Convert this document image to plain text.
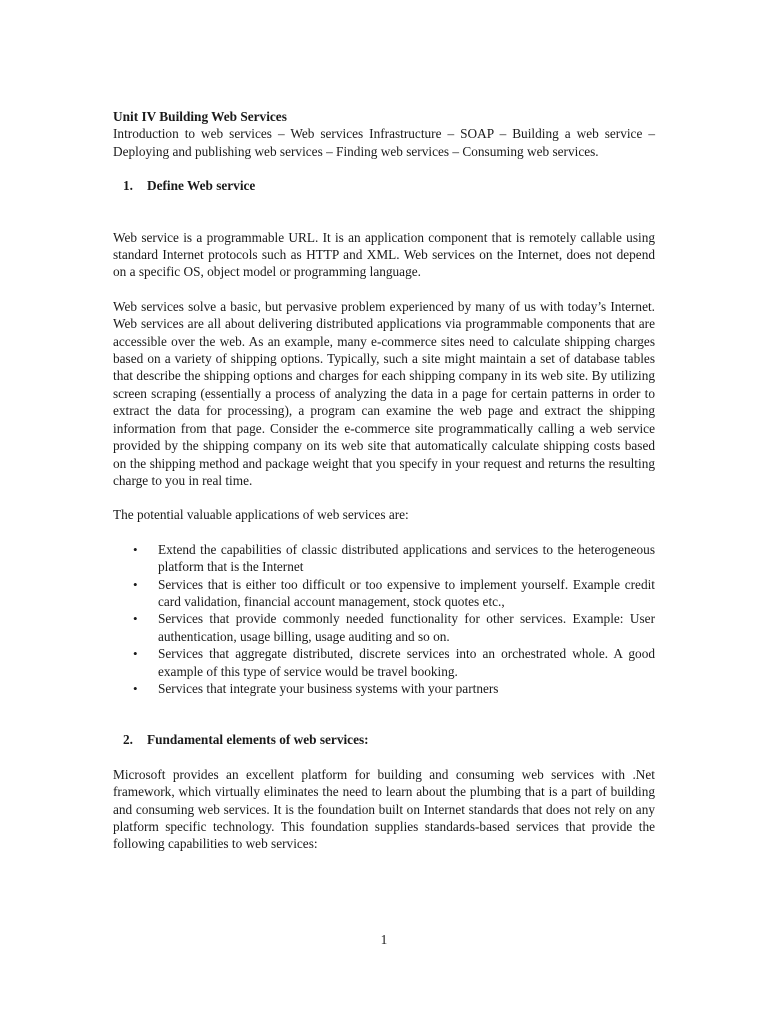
Unit IV Building Web Services

Introduction to web services – Web services Infrastructure – SOAP – Building a web service – Deploying and publishing web services – Finding web services – Consuming web services.

1.	Define Web service

Web service is a programmable URL. It is an application component that is remotely callable using standard Internet protocols such as HTTP and XML. Web services on the Internet, does not depend on a specific OS, object model or programming language.

Web services solve a basic, but pervasive problem experienced by many of us with today’s Internet. Web services are all about delivering distributed applications via programmable components that are accessible over the web. As an example, many e-commerce sites need to calculate shipping charges based on a variety of shipping options. Typically, such a site might maintain a set of database tables that describe the shipping options and charges for each shipping company in its web site. By utilizing screen scraping (essentially a process of analyzing the data in a page for certain patterns in order to extract the data for processing), a program can examine the web page and extract the shipping information from that page. Consider the e-commerce site programmatically calling a web service provided by the shipping company on its web site that automatically calculate shipping costs based on the shipping method and package weight that you specify in your request and returns the resulting charge to you in real time.

The potential valuable applications of web services are:

• Extend the capabilities of classic distributed applications and services to the heterogeneous platform that is the Internet
• Services that is either too difficult or too expensive to implement yourself. Example credit card validation, financial account management, stock quotes etc.,
• Services that provide commonly needed functionality for other services. Example: User authentication, usage billing, usage auditing and so on.
• Services that aggregate distributed, discrete services into an orchestrated whole. A good example of this type of service would be travel booking.
• Services that integrate your business systems with your partners
2.	Fundamental elements of web services:

Microsoft provides an excellent platform for building and consuming web services with .Net framework, which virtually eliminates the need to learn about the plumbing that is a part of building and consuming web services. It is the foundation built on Internet standards that does not rely on any platform specific technology. This foundation supplies standards-based services that provide the following capabilities to web services:

1
